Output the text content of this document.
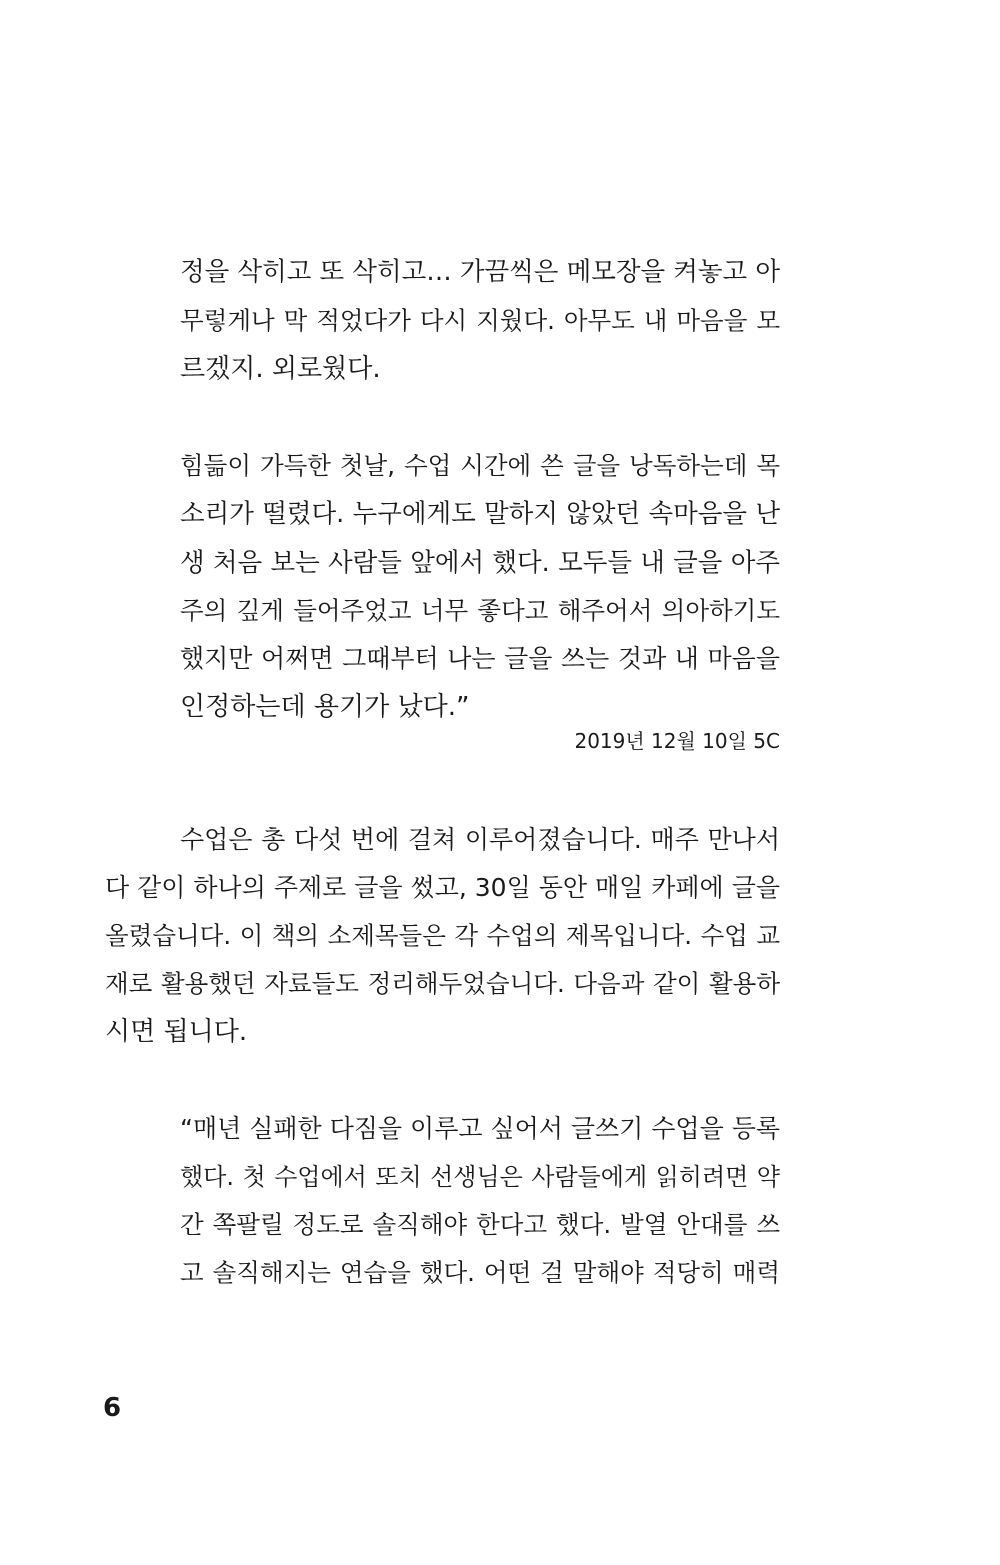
정을 삭히고 또 삭히고… 가끔씩은 메모장을 켜놓고 아
무렇게나 막 적었다가 다시 지웠다. 아무도 내 마음을 모
르겠지. 외로웠다.
힘듦이 가득한 첫날, 수업 시간에 쓴 글을 낭독하는데 목
소리가 떨렸다. 누구에게도 말하지 않았던 속마음을 난
생 처음 보는 사람들 앞에서 했다. 모두들 내 글을 아주
주의 깊게 들어주었고 너무 좋다고 해주어서 의아하기도
했지만 어쩌면 그때부터 나는 글을 쓰는 것과 내 마음을
인정하는데 용기가 났다.”
2019년 12월 10일 5C
수업은 총 다섯 번에 걸쳐 이루어졌습니다. 매주 만나서
다 같이 하나의 주제로 글을 썼고, 30일 동안 매일 카페에 글을
올렸습니다. 이 책의 소제목들은 각 수업의 제목입니다. 수업 교
재로 활용했던 자료들도 정리해두었습니다. 다음과 같이 활용하
시면 됩니다.
“매년 실패한 다짐을 이루고 싶어서 글쓰기 수업을 등록
했다. 첫 수업에서 또치 선생님은 사람들에게 읽히려면 약
간 쪽팔릴 정도로 솔직해야 한다고 했다. 발열 안대를 쓰
고 솔직해지는 연습을 했다. 어떤 걸 말해야 적당히 매력
6
